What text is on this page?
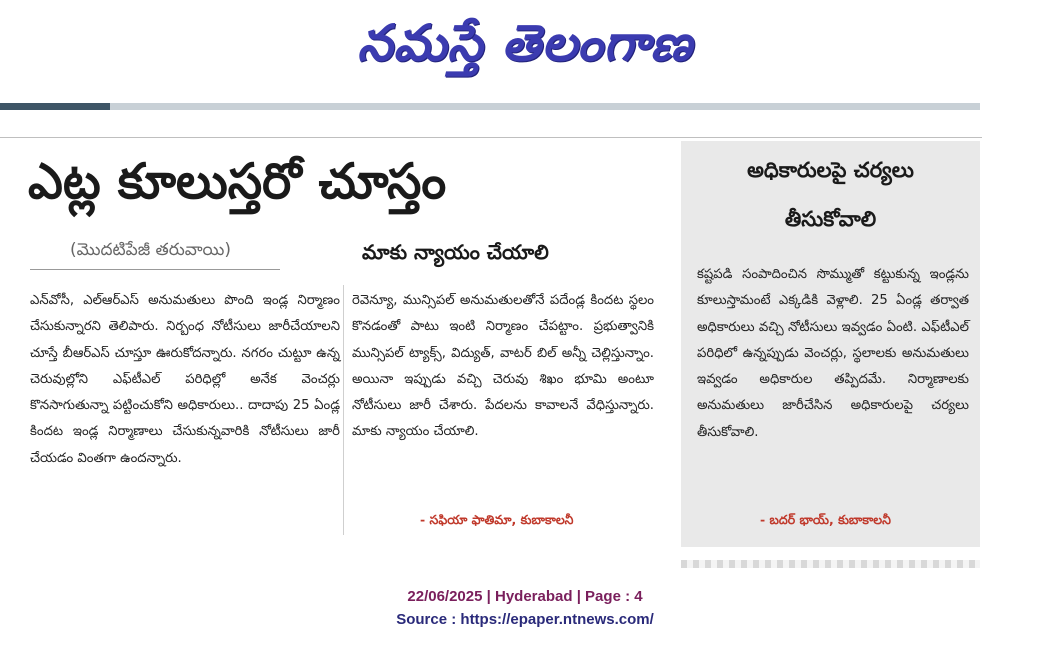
నమస్తే తెలంగాణ
ఎట్ల కూలుస్తరో చూస్తం
(మొదటిపేజీ తరువాయి)	మాకు న్యాయం చేయాలి
ఎన్‌వోసీ, ఎల్‌ఆర్‌ఎస్ అనుమతులు పొంది ఇండ్ల నిర్మాణం చేసుకున్నారని తెలిపారు. నిర్బంధ నోటీసులు జారీచేయాలని చూస్తే బీఆర్‌ఎస్ చూస్తూ ఊరుకోదన్నారు. నగరం చుట్టూ ఉన్న చెరువుల్లోని ఎఫ్‌టీఎల్ పరిధిల్లో అనేక వెంచర్లు కొనసాగుతున్నా పట్టించుకోని అధికారులు.. దాదాపు 25 ఏండ్ల కిందట ఇండ్ల నిర్మాణాలు చేసుకున్నవారికి నోటీసులు జారీ చేయడం వింతగా ఉందన్నారు.
రెవెన్యూ, మున్సిపల్ అనుమతులతోనే పదేండ్ల కిందట స్థలం కొనడంతో పాటు ఇంటి నిర్మాణం చేపట్టాం. ప్రభుత్వానికి మున్సిపల్ ట్యాక్స్, విద్యుత్, వాటర్ బిల్ అన్నీ చెల్లిస్తున్నాం. అయినా ఇప్పుడు వచ్చి చెరువు శిఖం భూమి అంటూ నోటీసులు జారీ చేశారు. పేదలను కావాలనే వేధిస్తున్నారు. మాకు న్యాయం చేయాలి.
- సఫియా ఫాతిమా, కుబాకాలనీ
అధికారులపై చర్యలు
తీసుకోవాలి
కష్టపడి సంపాదించిన సొమ్ముతో కట్టుకున్న ఇండ్లను కూలుస్తామంటే ఎక్కడికి వెళ్లాలి. 25 ఏండ్ల తర్వాత అధికారులు వచ్చి నోటీసులు ఇవ్వడం ఏంటి. ఎఫ్‌టీఎల్ పరిధిలో ఉన్నప్పుడు వెంచర్లు, స్థలాలకు అనుమతులు ఇవ్వడం అధికారుల తప్పిదమే. నిర్మాణాలకు అనుమతులు జారీచేసిన అధికారులపై చర్యలు తీసుకోవాలి.
- బదర్ భాయ్, కుబాకాలనీ
22/06/2025 | Hyderabad | Page : 4
Source : https://epaper.ntnews.com/
